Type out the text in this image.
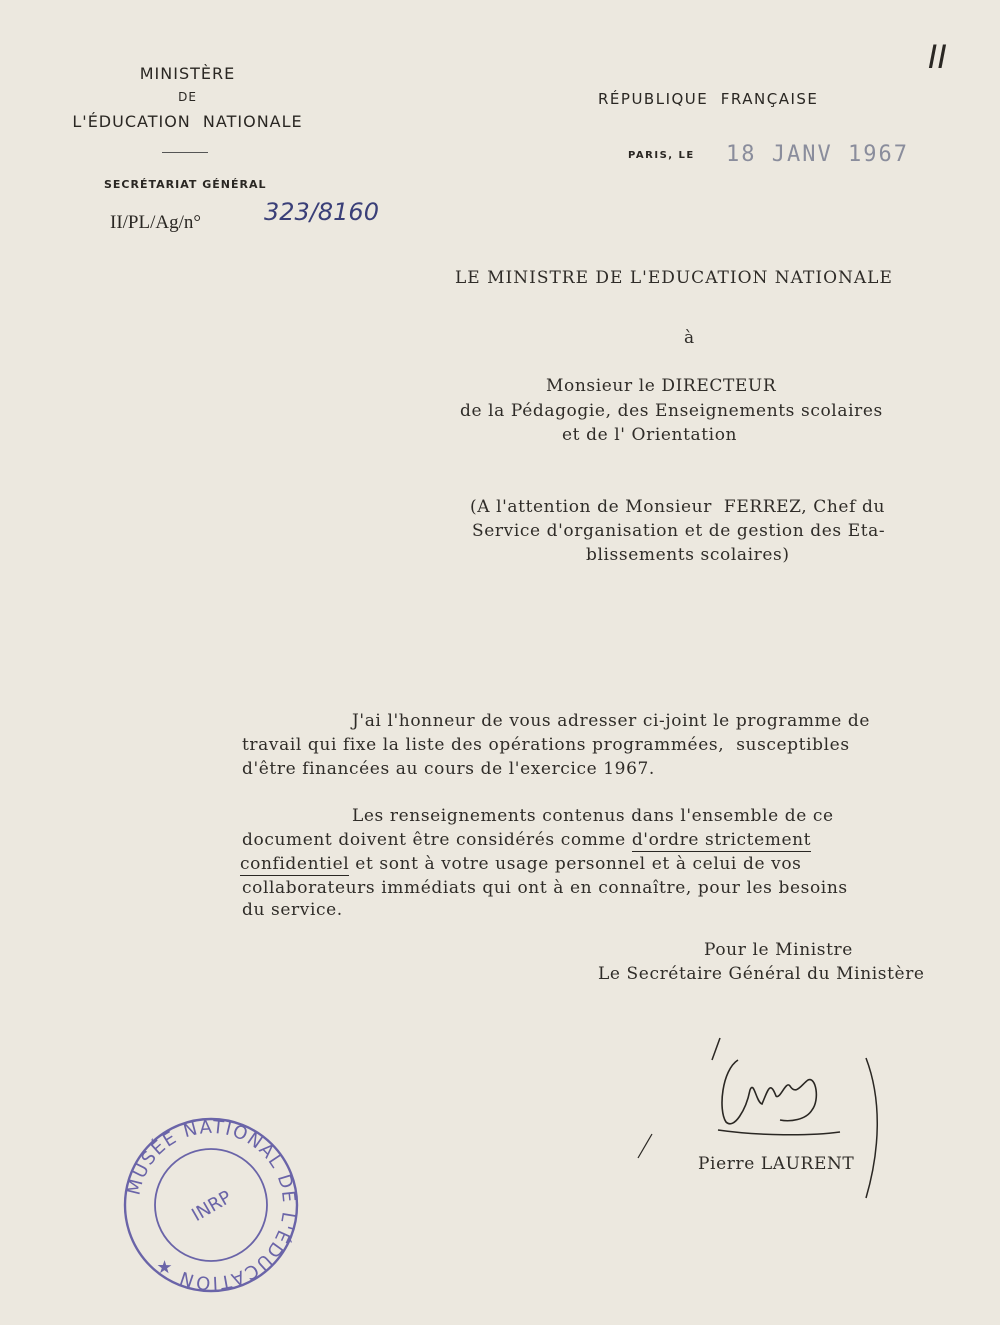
MINISTÈRE
DE
L'ÉDUCATION  NATIONALE
SECRÉTARIAT GÉNÉRAL
II/PL/Ag/n°	323/8160
II
RÉPUBLIQUE  FRANÇAISE
PARIS, LE 18 JANV 1967
LE MINISTRE DE L'EDUCATION NATIONALE
à
Monsieur le DIRECTEUR
de la Pédagogie, des Enseignements scolaires
et de l' Orientation
(A l'attention de Monsieur  FERREZ, Chef du
Service d'organisation et de gestion des Eta-
blissements scolaires)
J'ai l'honneur de vous adresser ci-joint le programme de
travail qui fixe la liste des opérations programmées,  susceptibles
d'être financées au cours de l'exercice 1967.
Les renseignements contenus dans l'ensemble de ce
document doivent être considérés comme d'ordre strictement
confidentiel et sont à votre usage personnel et à celui de vos
collaborateurs immédiats qui ont à en connaître, pour les besoins
du service.
Pour le Ministre
Le Secrétaire Général du Ministère
Pierre LAURENT
MUSÉE NATIONAL DE L'ÉDUCATION ★
INRP
